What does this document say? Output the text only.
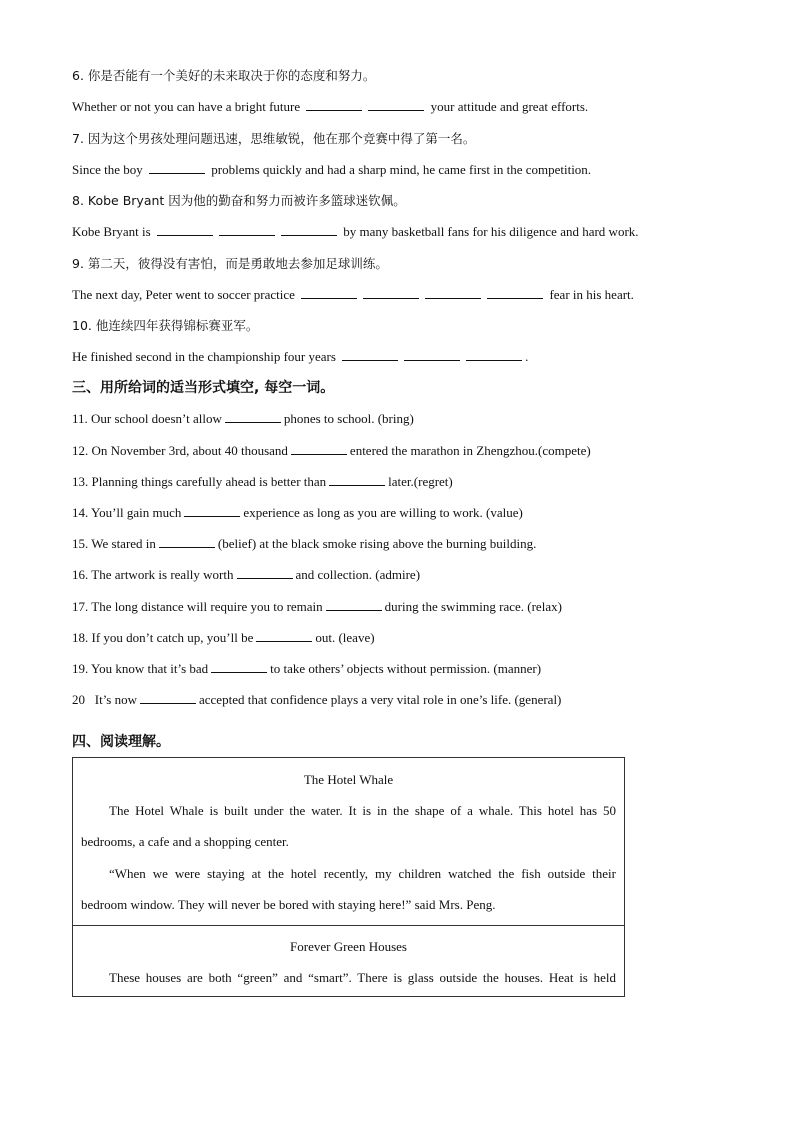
6. 你是否能有一个美好的未来取决于你的态度和努力。

Whether or not you can have a bright future	your attitude and great efforts.

7. 因为这个男孩处理问题迅速，思维敏锐，他在那个竞赛中得了第一名。

Since the boy	problems quickly and had a sharp mind, he came first in the competition.

8. Kobe Bryant 因为他的勤奋和努力而被许多篮球迷钦佩。

Kobe Bryant is	by many basketball fans for his diligence and hard work.

9. 第二天，彼得没有害怕，而是勇敢地去参加足球训练。

The next day, Peter went to soccer practice	fear in his heart.

10. 他连续四年获得锦标赛亚军。

He finished second in the championship four years	.

三、用所给词的适当形式填空, 每空一词。

11. Our school doesn’t allow	phones to school. (bring)

12. On November 3rd, about 40 thousand	entered the marathon in Zhengzhou.(compete)

13. Planning things carefully ahead is better than	later.(regret)

14. You’ll gain much	experience as long as you are willing to work. (value)

15. We stared in	(belief) at the black smoke rising above the burning building.

16. The artwork is really worth	and collection. (admire)

17. The long distance will require you to remain	during the swimming race. (relax)

18. If you don’t catch up, you’ll be	out. (leave)

19. You know that it’s bad	to take others’ objects without permission. (manner)

20   It’s now	accepted that confidence plays a very vital role in one’s life. (general)

四、阅读理解。

The Hotel Whale

The Hotel Whale is built under the water. It is in the shape of a whale. This hotel has 50

bedrooms, a cafe and a shopping center.

“When we were staying at the hotel recently, my children watched the fish outside their

bedroom window. They will never be bored with staying here!” said Mrs. Peng.

Forever Green Houses

These houses are both “green” and “smart”. There is glass outside the houses. Heat is held
